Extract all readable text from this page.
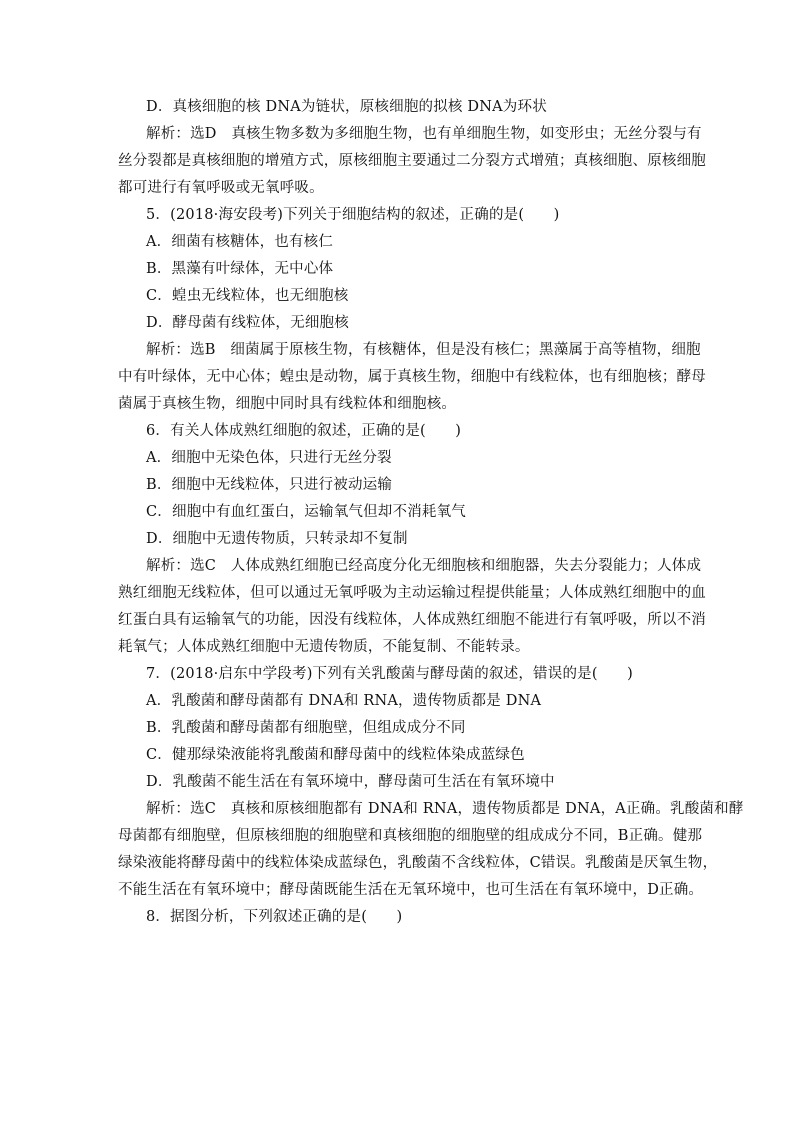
D．真核细胞的核 DNA为链状，原核细胞的拟核 DNA为环状
解析：选D　真核生物多数为多细胞生物，也有单细胞生物，如变形虫；无丝分裂与有
丝分裂都是真核细胞的增殖方式，原核细胞主要通过二分裂方式增殖；真核细胞、原核细胞
都可进行有氧呼吸或无氧呼吸。
5．(2018·海安段考)下列关于细胞结构的叙述，正确的是(　　)
A．细菌有核糖体，也有核仁
B．黑藻有叶绿体，无中心体
C．蝗虫无线粒体，也无细胞核
D．酵母菌有线粒体，无细胞核
解析：选B　细菌属于原核生物，有核糖体，但是没有核仁；黑藻属于高等植物，细胞
中有叶绿体，无中心体；蝗虫是动物，属于真核生物，细胞中有线粒体，也有细胞核；酵母
菌属于真核生物，细胞中同时具有线粒体和细胞核。
6．有关人体成熟红细胞的叙述，正确的是(　　)
A．细胞中无染色体，只进行无丝分裂
B．细胞中无线粒体，只进行被动运输
C．细胞中有血红蛋白，运输氧气但却不消耗氧气
D．细胞中无遗传物质，只转录却不复制
解析：选C　人体成熟红细胞已经高度分化无细胞核和细胞器，失去分裂能力；人体成
熟红细胞无线粒体，但可以通过无氧呼吸为主动运输过程提供能量；人体成熟红细胞中的血
红蛋白具有运输氧气的功能，因没有线粒体，人体成熟红细胞不能进行有氧呼吸，所以不消
耗氧气；人体成熟红细胞中无遗传物质，不能复制、不能转录。
7．(2018·启东中学段考)下列有关乳酸菌与酵母菌的叙述，错误的是(　　)
A．乳酸菌和酵母菌都有 DNA和 RNA，遗传物质都是 DNA
B．乳酸菌和酵母菌都有细胞壁，但组成成分不同
C．健那绿染液能将乳酸菌和酵母菌中的线粒体染成蓝绿色
D．乳酸菌不能生活在有氧环境中，酵母菌可生活在有氧环境中
解析：选C　真核和原核细胞都有 DNA和 RNA，遗传物质都是 DNA，A正确。乳酸菌和酵
母菌都有细胞壁，但原核细胞的细胞壁和真核细胞的细胞壁的组成成分不同，B正确。健那
绿染液能将酵母菌中的线粒体染成蓝绿色，乳酸菌不含线粒体，C错误。乳酸菌是厌氧生物，
不能生活在有氧环境中；酵母菌既能生活在无氧环境中，也可生活在有氧环境中，D正确。
8．据图分析，下列叙述正确的是(　　)
